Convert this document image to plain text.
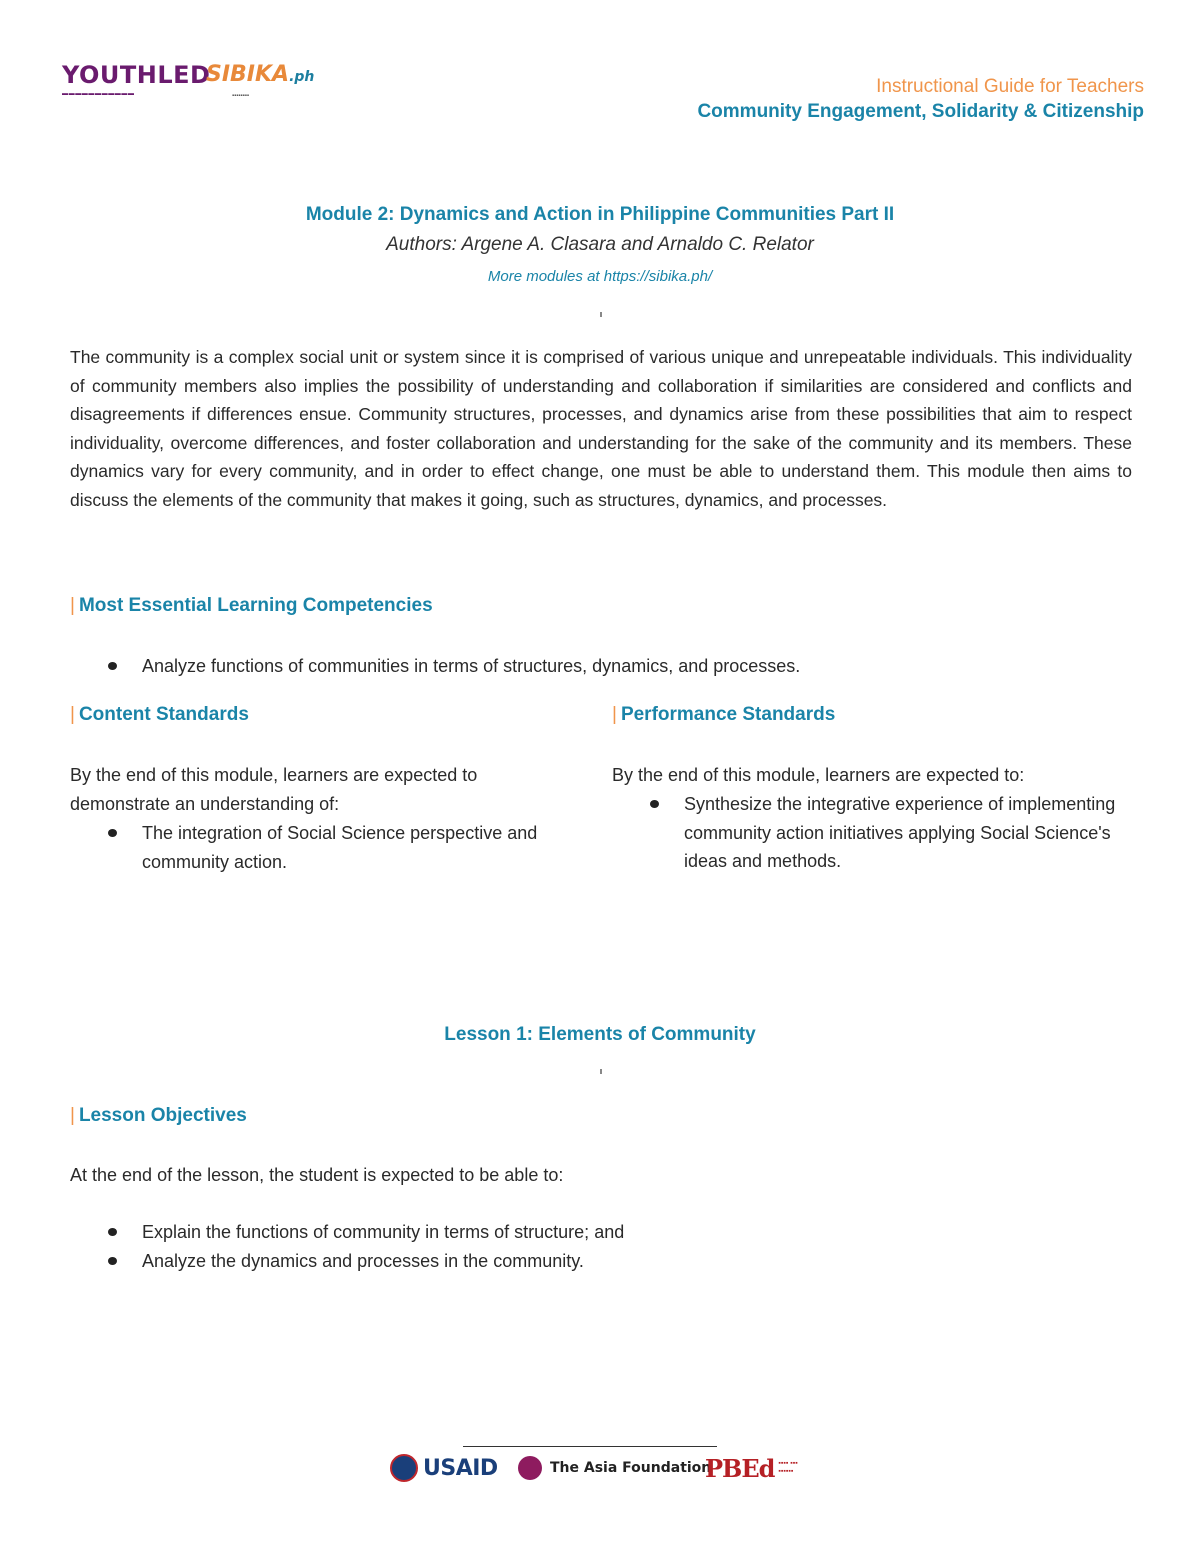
YOUTHLED
▬▬▬▬▬▬▬▬▬▬▬
SIBIKA.ph
▪▪▪▪▪▪▪▪	Instructional Guide for Teachers
Community Engagement, Solidarity & Citizenship
Module 2: Dynamics and Action in Philippine Communities Part II
Authors: Argene A. Clasara and Arnaldo C. Relator
More modules at https://sibika.ph/

The community is a complex social unit or system since it is comprised of various unique and unrepeatable individuals. This individuality of community members also implies the possibility of understanding and collaboration if similarities are considered and conflicts and disagreements if differences ensue. Community structures, processes, and dynamics arise from these possibilities that aim to respect individuality, overcome differences, and foster collaboration and understanding for the sake of the community and its members. These dynamics vary for every community, and in order to effect change, one must be able to understand them. This module then aims to discuss the elements of the community that makes it going, such as structures, dynamics, and processes.

| Most Essential Learning Competencies
Analyze functions of communities in terms of structures, dynamics, and processes.
| Content Standards
By the end of this module, learners are expected to demonstrate an understanding of:
The integration of Social Science perspective and community action.
| Performance Standards
By the end of this module, learners are expected to:
Synthesize the integrative experience of implementing community action initiatives applying Social Science's ideas and methods.
Lesson 1: Elements of Community
| Lesson Objectives
At the end of the lesson, the student is expected to be able to:
Explain the functions of community in terms of structure; and
Analyze the dynamics and processes in the community.
USAID	The Asia Foundation
PBEd ▪▪▪▪ ▪▪▪
▪▪▪▪▪▪
